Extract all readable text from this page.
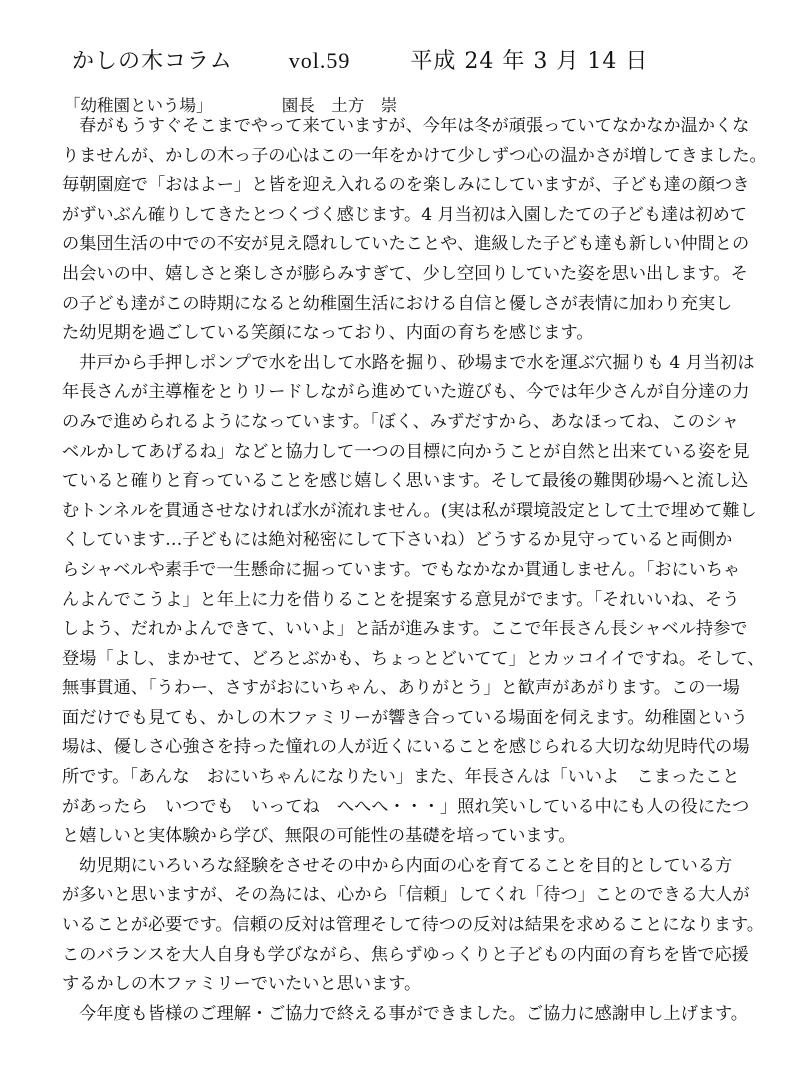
かしの木コラム	vol.59	平成 24 年 3 月 14 日
「幼稚園という場」	園長　土方　崇
春がもうすぐそこまでやって来ていますが、今年は冬が頑張っていてなかなか温かくな
りませんが、かしの木っ子の心はこの一年をかけて少しずつ心の温かさが増してきました。
毎朝園庭で「おはよー」と皆を迎え入れるのを楽しみにしていますが、子ども達の顔つき
がずいぶん確りしてきたとつくづく感じます。4 月当初は入園したての子ども達は初めて
の集団生活の中での不安が見え隠れしていたことや、進級した子ども達も新しい仲間との
出会いの中、嬉しさと楽しさが膨らみすぎて、少し空回りしていた姿を思い出します。そ
の子ども達がこの時期になると幼稚園生活における自信と優しさが表情に加わり充実し
た幼児期を過ごしている笑顔になっており、内面の育ちを感じます。
井戸から手押しポンプで水を出して水路を掘り、砂場まで水を運ぶ穴掘りも 4 月当初は
年長さんが主導権をとりリードしながら進めていた遊びも、今では年少さんが自分達の力
のみで進められるようになっています。「ぼく、みずだすから、あなほってね、このシャ
ベルかしてあげるね」などと協力して一つの目標に向かうことが自然と出来ている姿を見
ていると確りと育っていることを感じ嬉しく思います。そして最後の難関砂場へと流し込
むトンネルを貫通させなければ水が流れません。(実は私が環境設定として土で埋めて難し
くしています…子どもには絶対秘密にして下さいね）どうするか見守っていると両側か
らシャベルや素手で一生懸命に掘っています。でもなかなか貫通しません。「おにいちゃ
んよんでこうよ」と年上に力を借りることを提案する意見がでます。「それいいね、そう
しよう、だれかよんできて、いいよ」と話が進みます。ここで年長さん長シャベル持参で
登場「よし、まかせて、どろとぶかも、ちょっとどいてて」とカッコイイですね。そして、
無事貫通、「うわー、さすがおにいちゃん、ありがとう」と歓声があがります。この一場
面だけでも見ても、かしの木ファミリーが響き合っている場面を伺えます。幼稚園という
場は、優しさ心強さを持った憧れの人が近くにいることを感じられる大切な幼児時代の場
所です。「あんな　おにいちゃんになりたい」また、年長さんは「いいよ　こまったこと
があったら　いつでも　いってね　へへへ・・・」照れ笑いしている中にも人の役にたつ
と嬉しいと実体験から学び、無限の可能性の基礎を培っています。
幼児期にいろいろな経験をさせその中から内面の心を育てることを目的としている方
が多いと思いますが、その為には、心から「信頼」してくれ「待つ」ことのできる大人が
いることが必要です。信頼の反対は管理そして待つの反対は結果を求めることになります。
このバランスを大人自身も学びながら、焦らずゆっくりと子どもの内面の育ちを皆で応援
するかしの木ファミリーでいたいと思います。
今年度も皆様のご理解・ご協力で終える事ができました。ご協力に感謝申し上げます。
